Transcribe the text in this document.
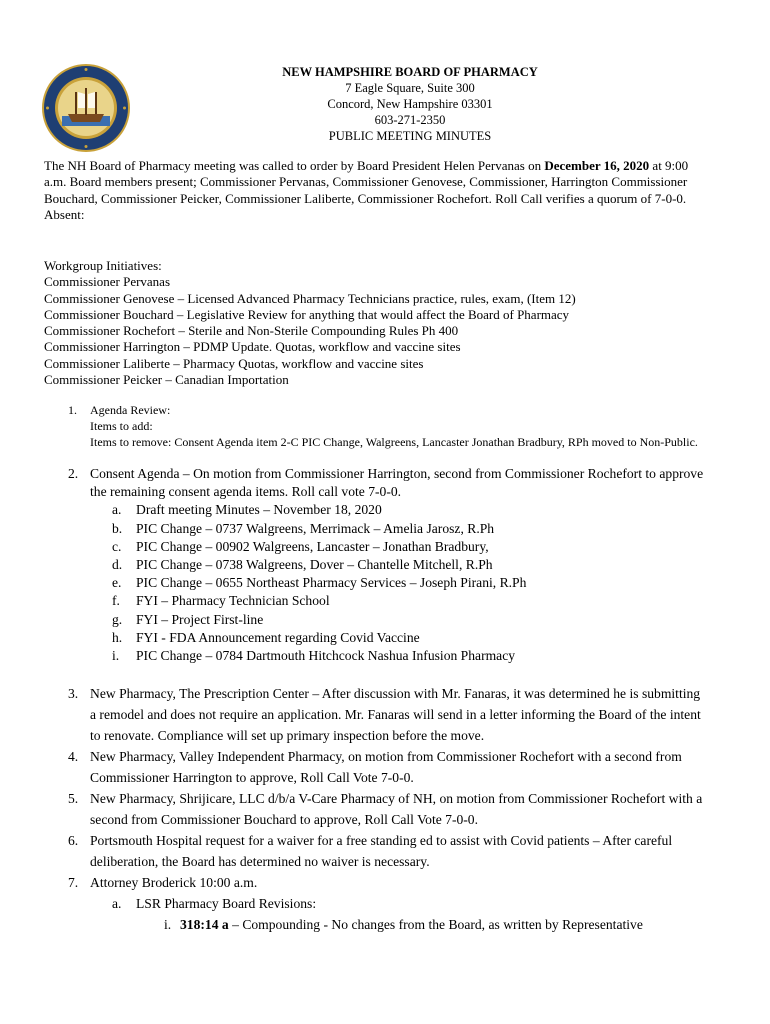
NEW HAMPSHIRE BOARD OF PHARMACY
7 Eagle Square, Suite 300
Concord, New Hampshire 03301
603-271-2350
PUBLIC MEETING MINUTES
The NH Board of Pharmacy meeting was called to order by Board President Helen Pervanas on December 16, 2020 at 9:00 a.m. Board members present; Commissioner Pervanas, Commissioner Genovese, Commissioner, Harrington Commissioner Bouchard, Commissioner Peicker, Commissioner Laliberte, Commissioner Rochefort. Roll Call verifies a quorum of 7-0-0.
Absent:
Workgroup Initiatives:
Commissioner Pervanas
Commissioner Genovese – Licensed Advanced Pharmacy Technicians practice, rules, exam, (Item 12)
Commissioner Bouchard – Legislative Review for anything that would affect the Board of Pharmacy
Commissioner Rochefort – Sterile and Non-Sterile Compounding Rules Ph 400
Commissioner Harrington – PDMP Update. Quotas, workflow and vaccine sites
Commissioner Laliberte – Pharmacy Quotas, workflow and vaccine sites
Commissioner Peicker – Canadian Importation
1. Agenda Review:
Items to add:
Items to remove: Consent Agenda item 2-C PIC Change, Walgreens, Lancaster Jonathan Bradbury, RPh moved to Non-Public.
2. Consent Agenda – On motion from Commissioner Harrington, second from Commissioner Rochefort to approve the remaining consent agenda items. Roll call vote 7-0-0.
a. Draft meeting Minutes – November 18, 2020
b. PIC Change – 0737 Walgreens, Merrimack – Amelia Jarosz, R.Ph
c. PIC Change – 00902 Walgreens, Lancaster – Jonathan Bradbury,
d. PIC Change – 0738 Walgreens, Dover – Chantelle Mitchell, R.Ph
e. PIC Change – 0655 Northeast Pharmacy Services – Joseph Pirani, R.Ph
f. FYI – Pharmacy Technician School
g. FYI – Project First-line
h. FYI - FDA Announcement regarding Covid Vaccine
i. PIC Change – 0784 Dartmouth Hitchcock Nashua Infusion Pharmacy
3. New Pharmacy, The Prescription Center – After discussion with Mr. Fanaras, it was determined he is submitting a remodel and does not require an application. Mr. Fanaras will send in a letter informing the Board of the intent to renovate. Compliance will set up primary inspection before the move.
4. New Pharmacy, Valley Independent Pharmacy, on motion from Commissioner Rochefort with a second from Commissioner Harrington to approve, Roll Call Vote 7-0-0.
5. New Pharmacy, Shrijicare, LLC d/b/a V-Care Pharmacy of NH, on motion from Commissioner Rochefort with a second from Commissioner Bouchard to approve, Roll Call Vote 7-0-0.
6. Portsmouth Hospital request for a waiver for a free standing ed to assist with Covid patients – After careful deliberation, the Board has determined no waiver is necessary.
7. Attorney Broderick 10:00 a.m.
a. LSR Pharmacy Board Revisions:
i. 318:14 a – Compounding - No changes from the Board, as written by Representative
